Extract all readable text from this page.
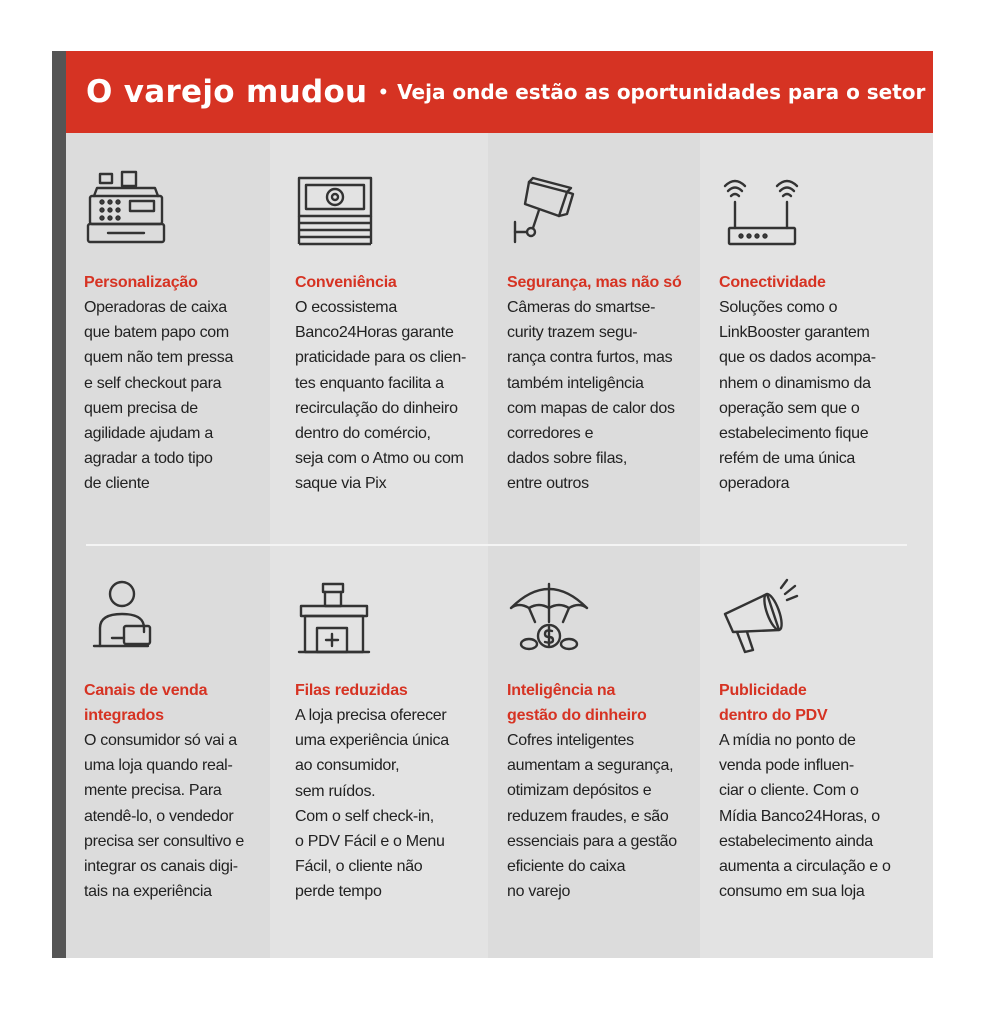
O varejo mudou • Veja onde estão as oportunidades para o setor
Personalização

Operadoras de caixa
que batem papo com
quem não tem pressa
e self checkout para
quem precisa de
agilidade ajudam a
agradar a todo tipo
de cliente

Conveniência

O ecossistema
Banco24Horas garante
praticidade para os clien-
tes enquanto facilita a
recirculação do dinheiro
dentro do comércio,
seja com o Atmo ou com
saque via Pix

Segurança, mas não só

Câmeras do smartse-
curity trazem segu-
rança contra furtos, mas
também inteligência
com mapas de calor dos
corredores e
dados sobre filas,
entre outros

Conectividade

Soluções como o
LinkBooster garantem
que os dados acompa-
nhem o dinamismo da
operação sem que o
estabelecimento fique
refém de uma única
operadora

Canais de venda
integrados

O consumidor só vai a
uma loja quando real-
mente precisa. Para
atendê-lo, o vendedor
precisa ser consultivo e
integrar os canais digi-
tais na experiência

Filas reduzidas

A loja precisa oferecer
uma experiência única
ao consumidor,
sem ruídos.
Com o self check-in,
o PDV Fácil e o Menu
Fácil, o cliente não
perde tempo

Inteligência na
gestão do dinheiro

Cofres inteligentes
aumentam a segurança,
otimizam depósitos e
reduzem fraudes, e são
essenciais para a gestão
eficiente do caixa
no varejo

Publicidade
dentro do PDV

A mídia no ponto de
venda pode influen-
ciar o cliente. Com o
Mídia Banco24Horas, o
estabelecimento ainda
aumenta a circulação e o
consumo em sua loja
